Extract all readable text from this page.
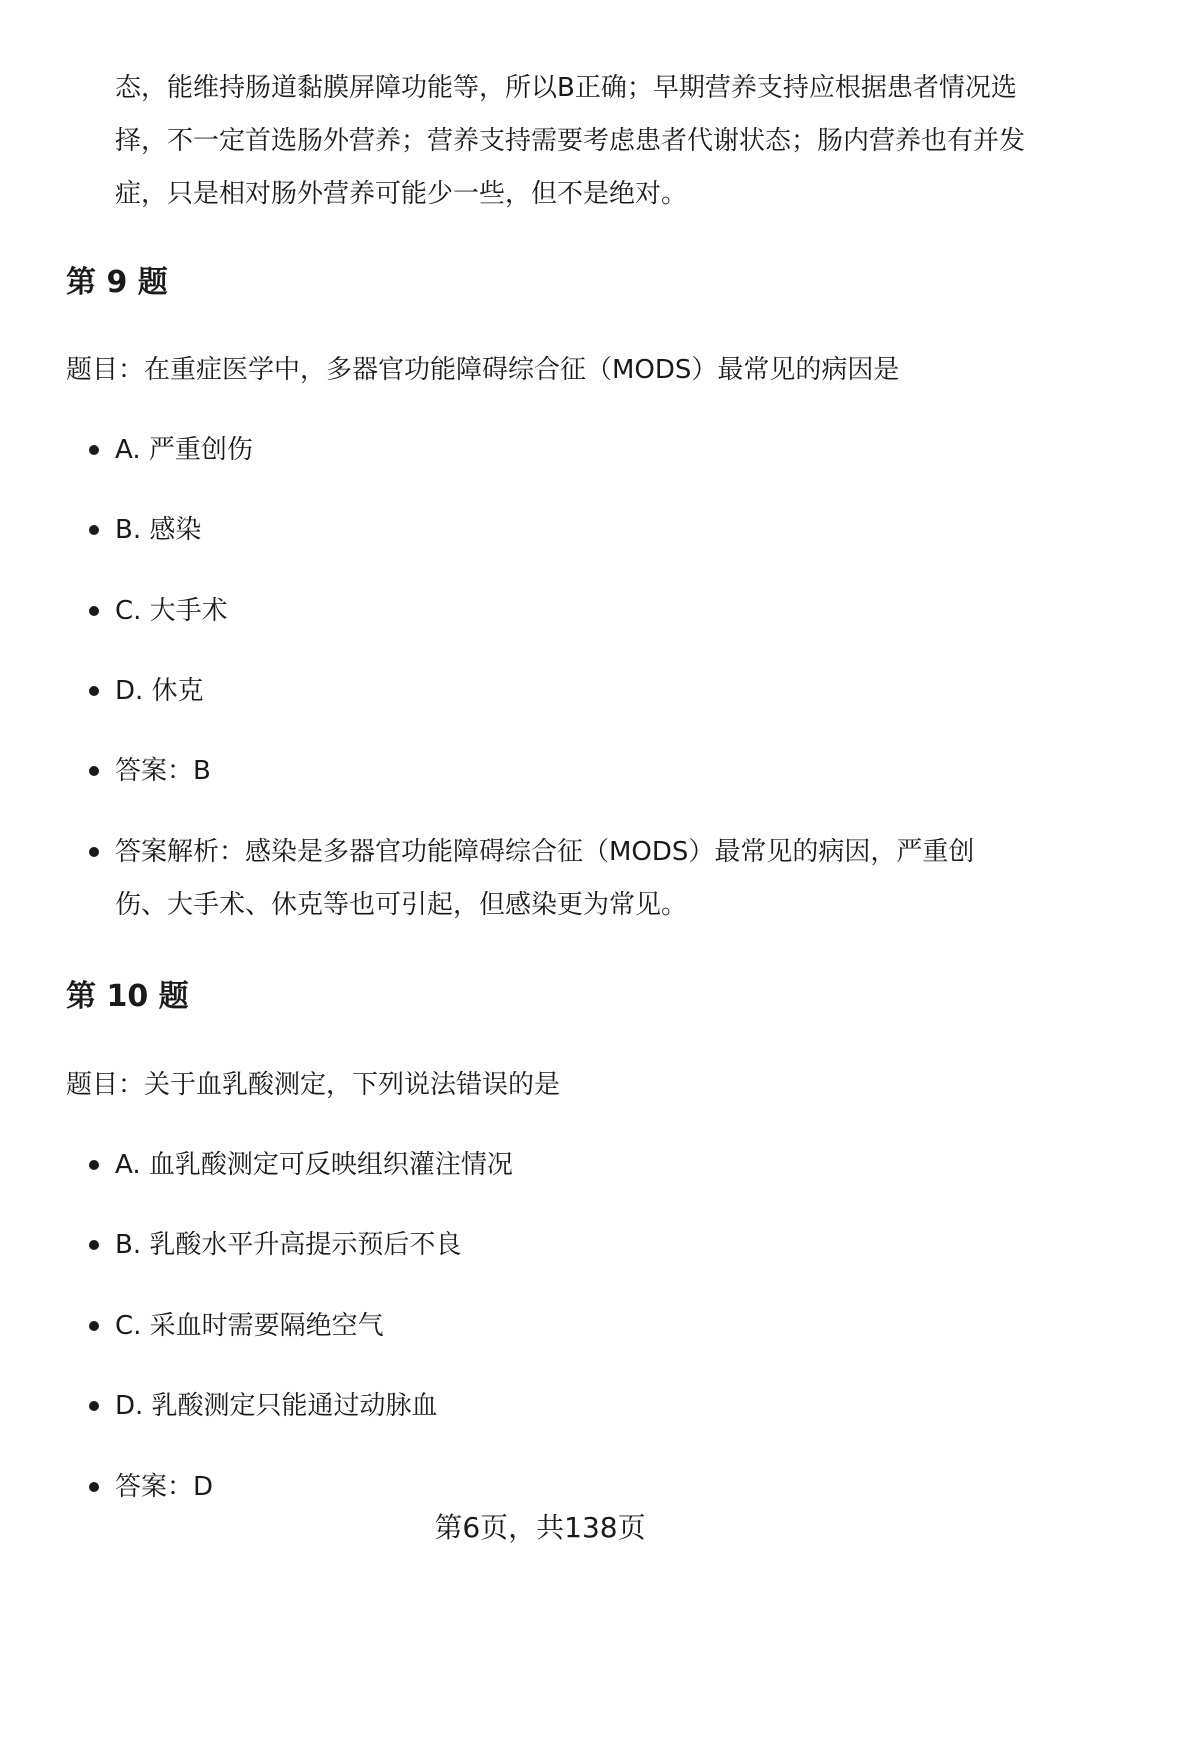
态，能维持肠道黏膜屏障功能等，所以B正确；早期营养支持应根据患者情况选择，不一定首选肠外营养；营养支持需要考虑患者代谢状态；肠内营养也有并发症，只是相对肠外营养可能少一些，但不是绝对。

第 9 题

题目：在重症医学中，多器官功能障碍综合征（MODS）最常见的病因是

A. 严重创伤
B. 感染
C. 大手术
D. 休克
答案：B
答案解析：感染是多器官功能障碍综合征（MODS）最常见的病因，严重创伤、大手术、休克等也可引起，但感染更为常见。
第 10 题

题目：关于血乳酸测定，下列说法错误的是

A. 血乳酸测定可反映组织灌注情况
B. 乳酸水平升高提示预后不良
C. 采血时需要隔绝空气
D. 乳酸测定只能通过动脉血
答案：D
第6页，共138页
